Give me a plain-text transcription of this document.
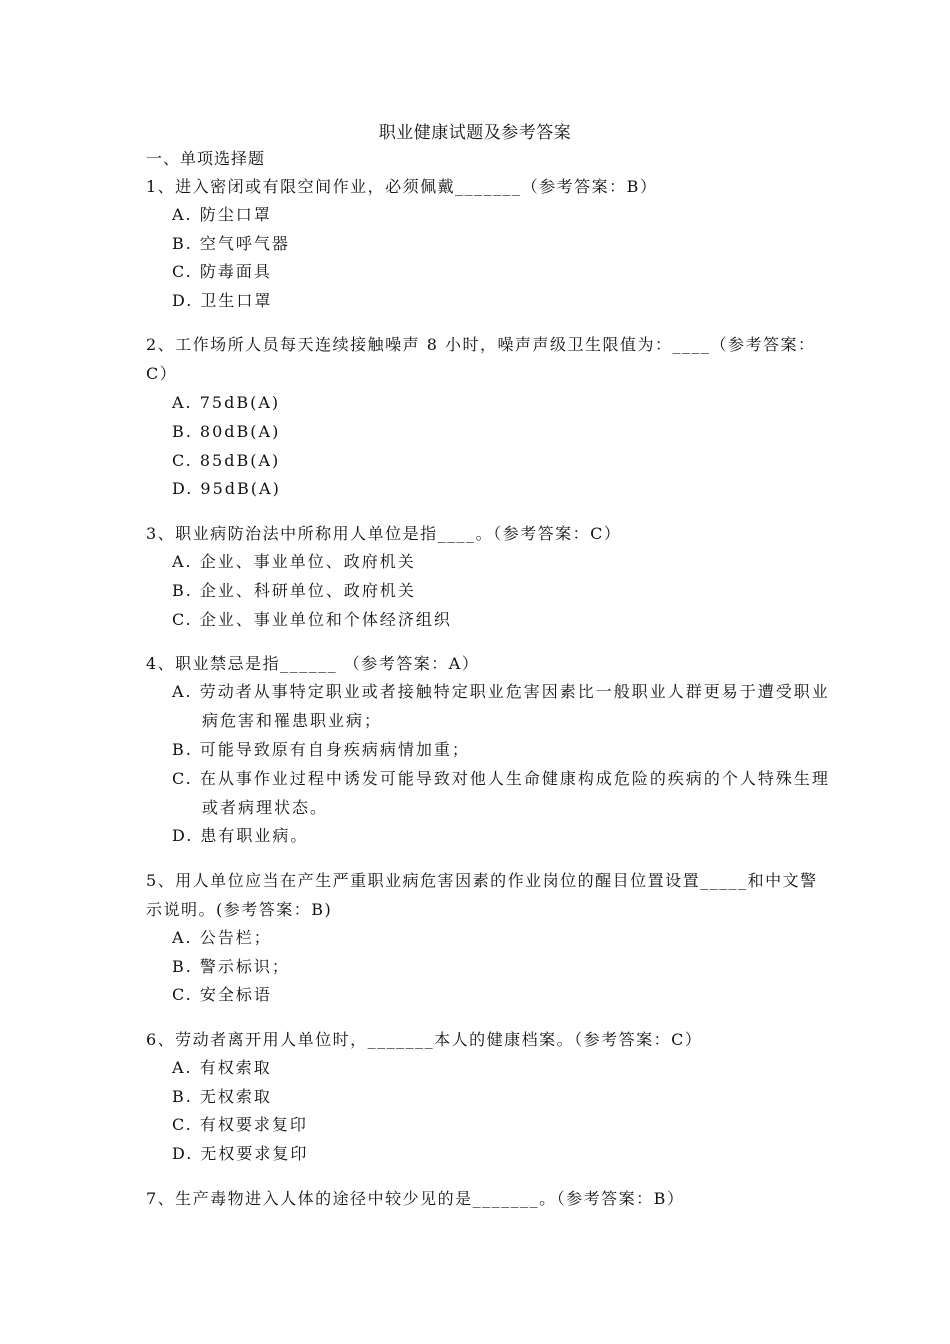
职业健康试题及参考答案
一、单项选择题
1、进入密闭或有限空间作业，必须佩戴_______（参考答案：B）
A. 防尘口罩
B. 空气呼气器
C. 防毒面具
D. 卫生口罩
2、工作场所人员每天连续接触噪声 8 小时，噪声声级卫生限值为：____（参考答案：C）
A. 75dB(A)
B. 80dB(A)
C. 85dB(A)
D. 95dB(A)
3、职业病防治法中所称用人单位是指____。（参考答案：C）
A. 企业、事业单位、政府机关
B. 企业、科研单位、政府机关
C. 企业、事业单位和个体经济组织
4、职业禁忌是指______ （参考答案：A）
A. 劳动者从事特定职业或者接触特定职业危害因素比一般职业人群更易于遭受职业病危害和罹患职业病；
B. 可能导致原有自身疾病病情加重；
C. 在从事作业过程中诱发可能导致对他人生命健康构成危险的疾病的个人特殊生理或者病理状态。
D. 患有职业病。
5、用人单位应当在产生严重职业病危害因素的作业岗位的醒目位置设置_____和中文警示说明。(参考答案：B)
A. 公告栏；
B. 警示标识；
C. 安全标语
6、劳动者离开用人单位时，_______本人的健康档案。（参考答案：C）
A. 有权索取
B. 无权索取
C. 有权要求复印
D. 无权要求复印
7、生产毒物进入人体的途径中较少见的是_______。（参考答案：B）
